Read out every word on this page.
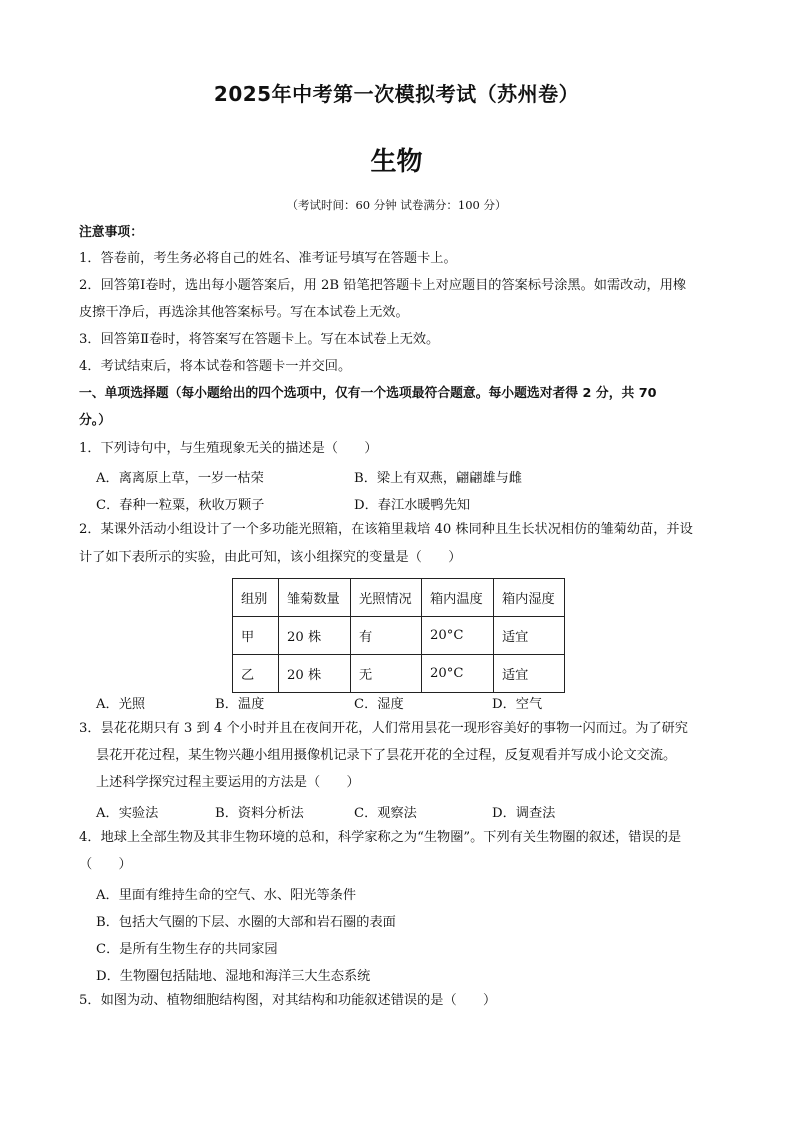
2025年中考第一次模拟考试（苏州卷）
生物
（考试时间：60 分钟 试卷满分：100 分）
注意事项：
1．答卷前，考生务必将自己的姓名、准考证号填写在答题卡上。
2．回答第Ⅰ卷时，选出每小题答案后，用 2B 铅笔把答题卡上对应题目的答案标号涂黑。如需改动，用橡
皮擦干净后，再选涂其他答案标号。写在本试卷上无效。
3．回答第Ⅱ卷时，将答案写在答题卡上。写在本试卷上无效。
4．考试结束后，将本试卷和答题卡一并交回。
一、单项选择题（每小题给出的四个选项中，仅有一个选项最符合题意。每小题选对者得 2 分，共 70
分。）
1．下列诗句中，与生殖现象无关的描述是（　　）
A．离离原上草，一岁一枯荣	B．梁上有双燕，翩翩雄与雌
C．春种一粒粟，秋收万颗子	D．春江水暖鸭先知
2．某课外活动小组设计了一个多功能光照箱，在该箱里栽培 40 株同种且生长状况相仿的雏菊幼苗，并设
计了如下表所示的实验，由此可知，该小组探究的变量是（　　）
组别	雏菊数量	光照情况	箱内温度	箱内湿度
甲	20 株	有	20°C	适宜
乙	20 株	无	20°C	适宜
A．光照	B．温度	C．湿度	D．空气
3．昙花花期只有 3 到 4 个小时并且在夜间开花，人们常用昙花一现形容美好的事物一闪而过。为了研究
昙花开花过程，某生物兴趣小组用摄像机记录下了昙花开花的全过程，反复观看并写成小论文交流。
上述科学探究过程主要运用的方法是（　　）
A．实验法	B．资料分析法	C．观察法	D．调查法
4．地球上全部生物及其非生物环境的总和，科学家称之为“生物圈”。下列有关生物圈的叙述，错误的是
（　　）
A．里面有维持生命的空气、水、阳光等条件
B．包括大气圈的下层、水圈的大部和岩石圈的表面
C．是所有生物生存的共同家园
D．生物圈包括陆地、湿地和海洋三大生态系统
5．如图为动、植物细胞结构图，对其结构和功能叙述错误的是（　　）
